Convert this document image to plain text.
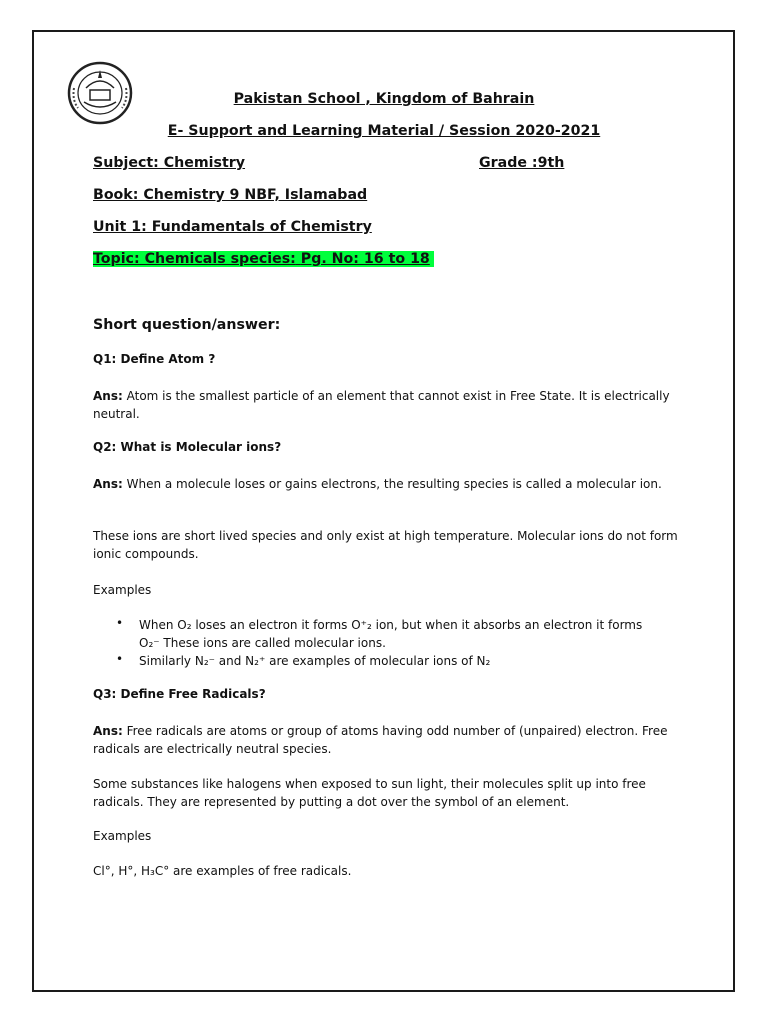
Pakistan School , Kingdom of Bahrain
E- Support and Learning Material / Session 2020-2021
Subject: Chemistry	Grade :9th
Book: Chemistry 9 NBF, Islamabad
Unit 1: Fundamentals of Chemistry
Topic: Chemicals species: Pg. No: 16 to 18
Short question/answer:
Q1: Define Atom ?
Ans: Atom is the smallest particle of an element that cannot exist in Free State. It is electrically neutral.
Q2: What is Molecular ions?
Ans: When a molecule loses or gains electrons, the resulting species is called a molecular ion.
These ions are short lived species and only exist at high temperature. Molecular ions do not form ionic compounds.
Examples
• When O₂ loses an electron it forms O⁺₂ ion, but when it absorbs an electron it forms
O₂⁻ These ions are called molecular ions.
• Similarly N₂⁻ and N₂⁺ are examples of molecular ions of N₂
Q3: Define Free Radicals?
Ans: Free radicals are atoms or group of atoms having odd number of (unpaired) electron. Free radicals are electrically neutral species.
Some substances like halogens when exposed to sun light, their molecules split up into free radicals. They are represented by putting a dot over the symbol of an element.
Examples
Cl°, H°, H₃C° are examples of free radicals.
